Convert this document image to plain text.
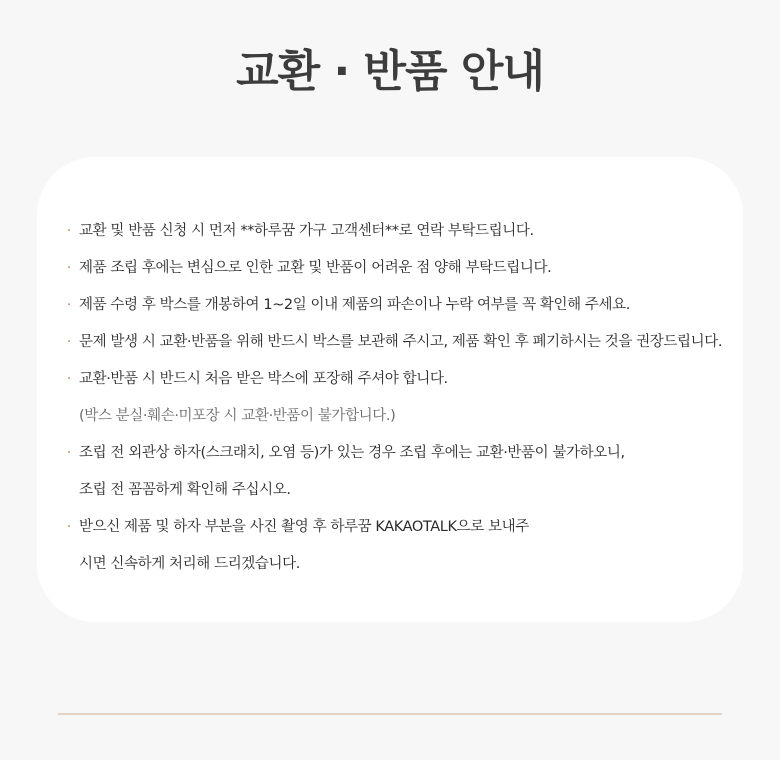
교환 · 반품 안내
· 교환 및 반품 신청 시 먼저 **하루꿈 가구 고객센터**로 연락 부탁드립니다.
· 제품 조립 후에는 변심으로 인한 교환 및 반품이 어려운 점 양해 부탁드립니다.
· 제품 수령 후 박스를 개봉하여 1~2일 이내 제품의 파손이나 누락 여부를 꼭 확인해 주세요.
· 문제 발생 시 교환·반품을 위해 반드시 박스를 보관해 주시고, 제품 확인 후 폐기하시는 것을 권장드립니다.
· 교환·반품 시 반드시 처음 받은 박스에 포장해 주셔야 합니다.
(박스 분실·훼손·미포장 시 교환·반품이 불가합니다.)
· 조립 전 외관상 하자(스크래치, 오염 등)가 있는 경우 조립 후에는 교환·반품이 불가하오니,
조립 전 꼼꼼하게 확인해 주십시오.
· 받으신 제품 및 하자 부분을 사진 촬영 후 하루꿈 KAKAOTALK으로 보내주
시면 신속하게 처리해 드리겠습니다.
